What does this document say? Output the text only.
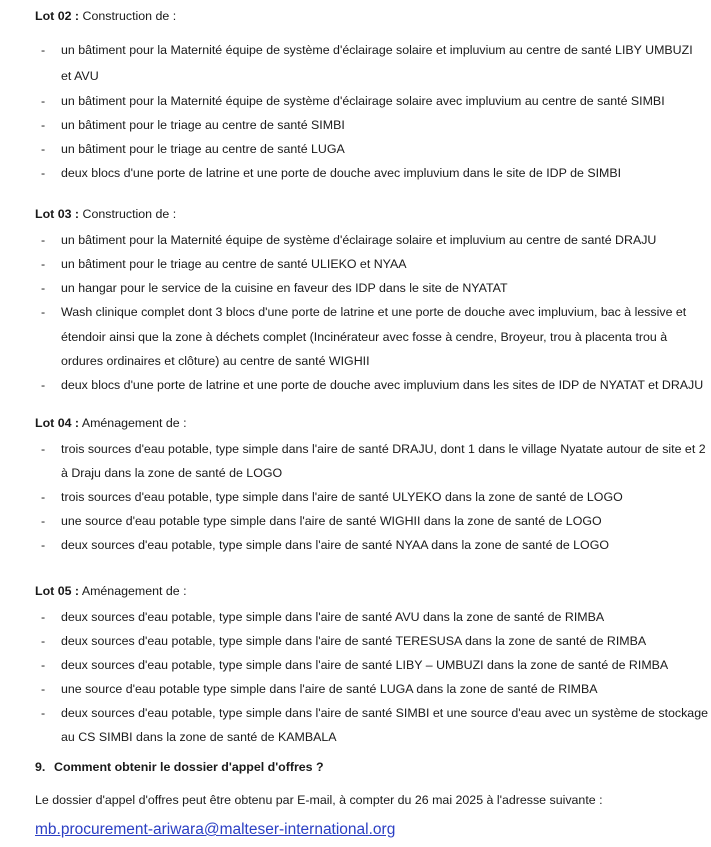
Lot 02 : Construction de :
- un bâtiment pour la Maternité équipe de système d'éclairage solaire et impluvium au centre de santé LIBY UMBUZI
et AVU
- un bâtiment pour la Maternité équipe de système d'éclairage solaire avec impluvium au centre de santé SIMBI
- un bâtiment pour le triage au centre de santé SIMBI
- un bâtiment pour le triage au centre de santé LUGA
- deux blocs d'une porte de latrine et une porte de douche avec impluvium dans le site de IDP de SIMBI
Lot 03 : Construction de :
- un bâtiment pour la Maternité équipe de système d'éclairage solaire et impluvium au centre de santé DRAJU
- un bâtiment pour le triage au centre de santé ULIEKO et NYAA
- un hangar pour le service de la cuisine en faveur des IDP dans le site de NYATAT
- Wash clinique complet dont 3 blocs d'une porte de latrine et une porte de douche avec impluvium, bac à lessive et
étendoir ainsi que la zone à déchets complet (Incinérateur avec fosse à cendre, Broyeur, trou à placenta trou à
ordures ordinaires et clôture) au centre de santé WIGHII
- deux blocs d'une porte de latrine et une porte de douche avec impluvium dans les sites de IDP de NYATAT et DRAJU
Lot 04 : Aménagement de :
- trois sources d'eau potable, type simple dans l'aire de santé DRAJU, dont 1 dans le village Nyatate autour de site et 2
à Draju dans la zone de santé de LOGO
- trois sources d'eau potable, type simple dans l'aire de santé ULYEKO dans la zone de santé de LOGO
- une source d'eau potable type simple dans l'aire de santé WIGHII dans la zone de santé de LOGO
- deux sources d'eau potable, type simple dans l'aire de santé NYAA dans la zone de santé de LOGO
Lot 05 : Aménagement de :
- deux sources d'eau potable, type simple dans l'aire de santé AVU dans la zone de santé de RIMBA
- deux sources d'eau potable, type simple dans l'aire de santé TERESUSA dans la zone de santé de RIMBA
- deux sources d'eau potable, type simple dans l'aire de santé LIBY – UMBUZI dans la zone de santé de RIMBA
- une source d'eau potable type simple dans l'aire de santé LUGA dans la zone de santé de RIMBA
- deux sources d'eau potable, type simple dans l'aire de santé SIMBI et une source d'eau avec un système de stockage
au CS SIMBI dans la zone de santé de KAMBALA
9. Comment obtenir le dossier d'appel d'offres ?
Le dossier d'appel d'offres peut être obtenu par E-mail, à compter du 26 mai 2025 à l'adresse suivante :
mb.procurement-ariwara@malteser-international.org
